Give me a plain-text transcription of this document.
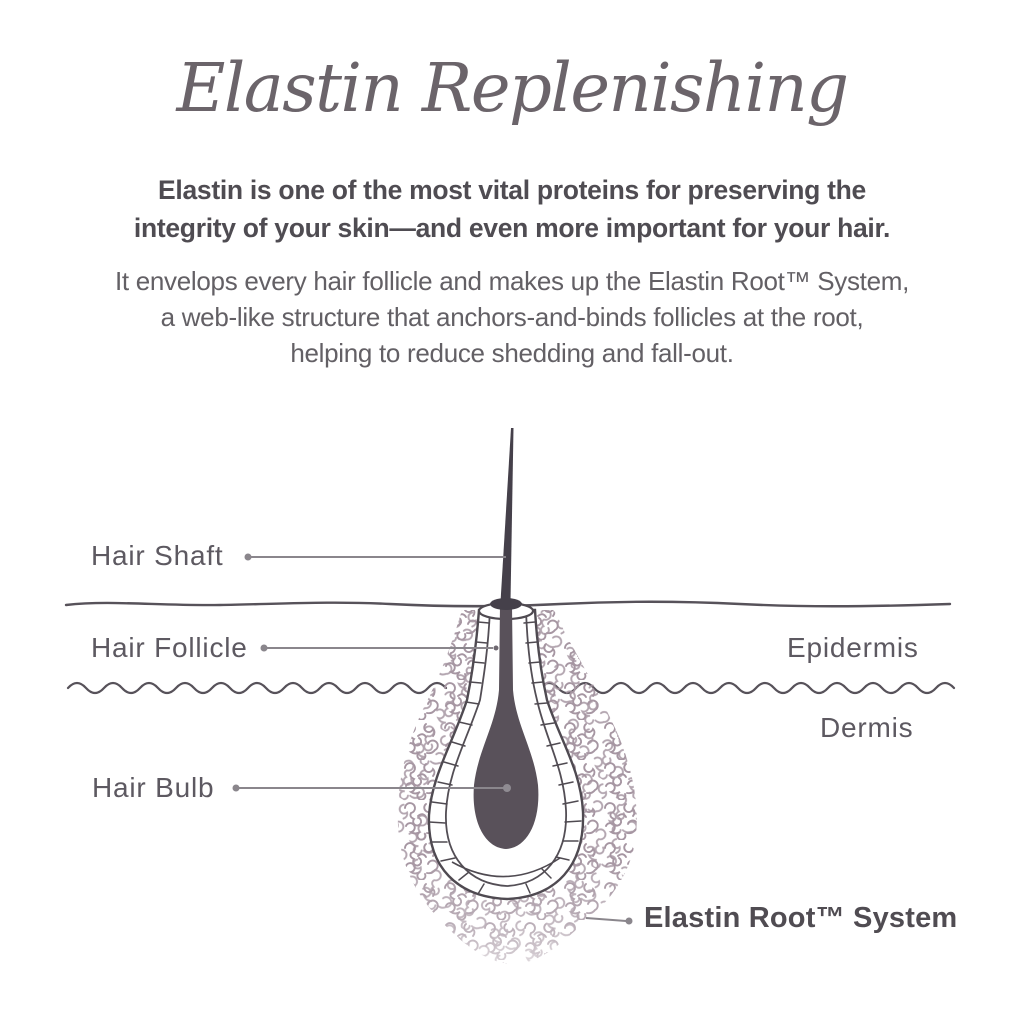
Elastin Replenishing
Elastin is one of the most vital proteins for preserving the
integrity of your skin—and even more important for your hair.
It envelops every hair follicle and makes up the Elastin Root™ System,
a web-like structure that anchors-and-binds follicles at the root,
helping to reduce shedding and fall-out.
Hair Shaft
Hair Follicle	Epidermis
Dermis
Hair Bulb
Elastin Root™ System
